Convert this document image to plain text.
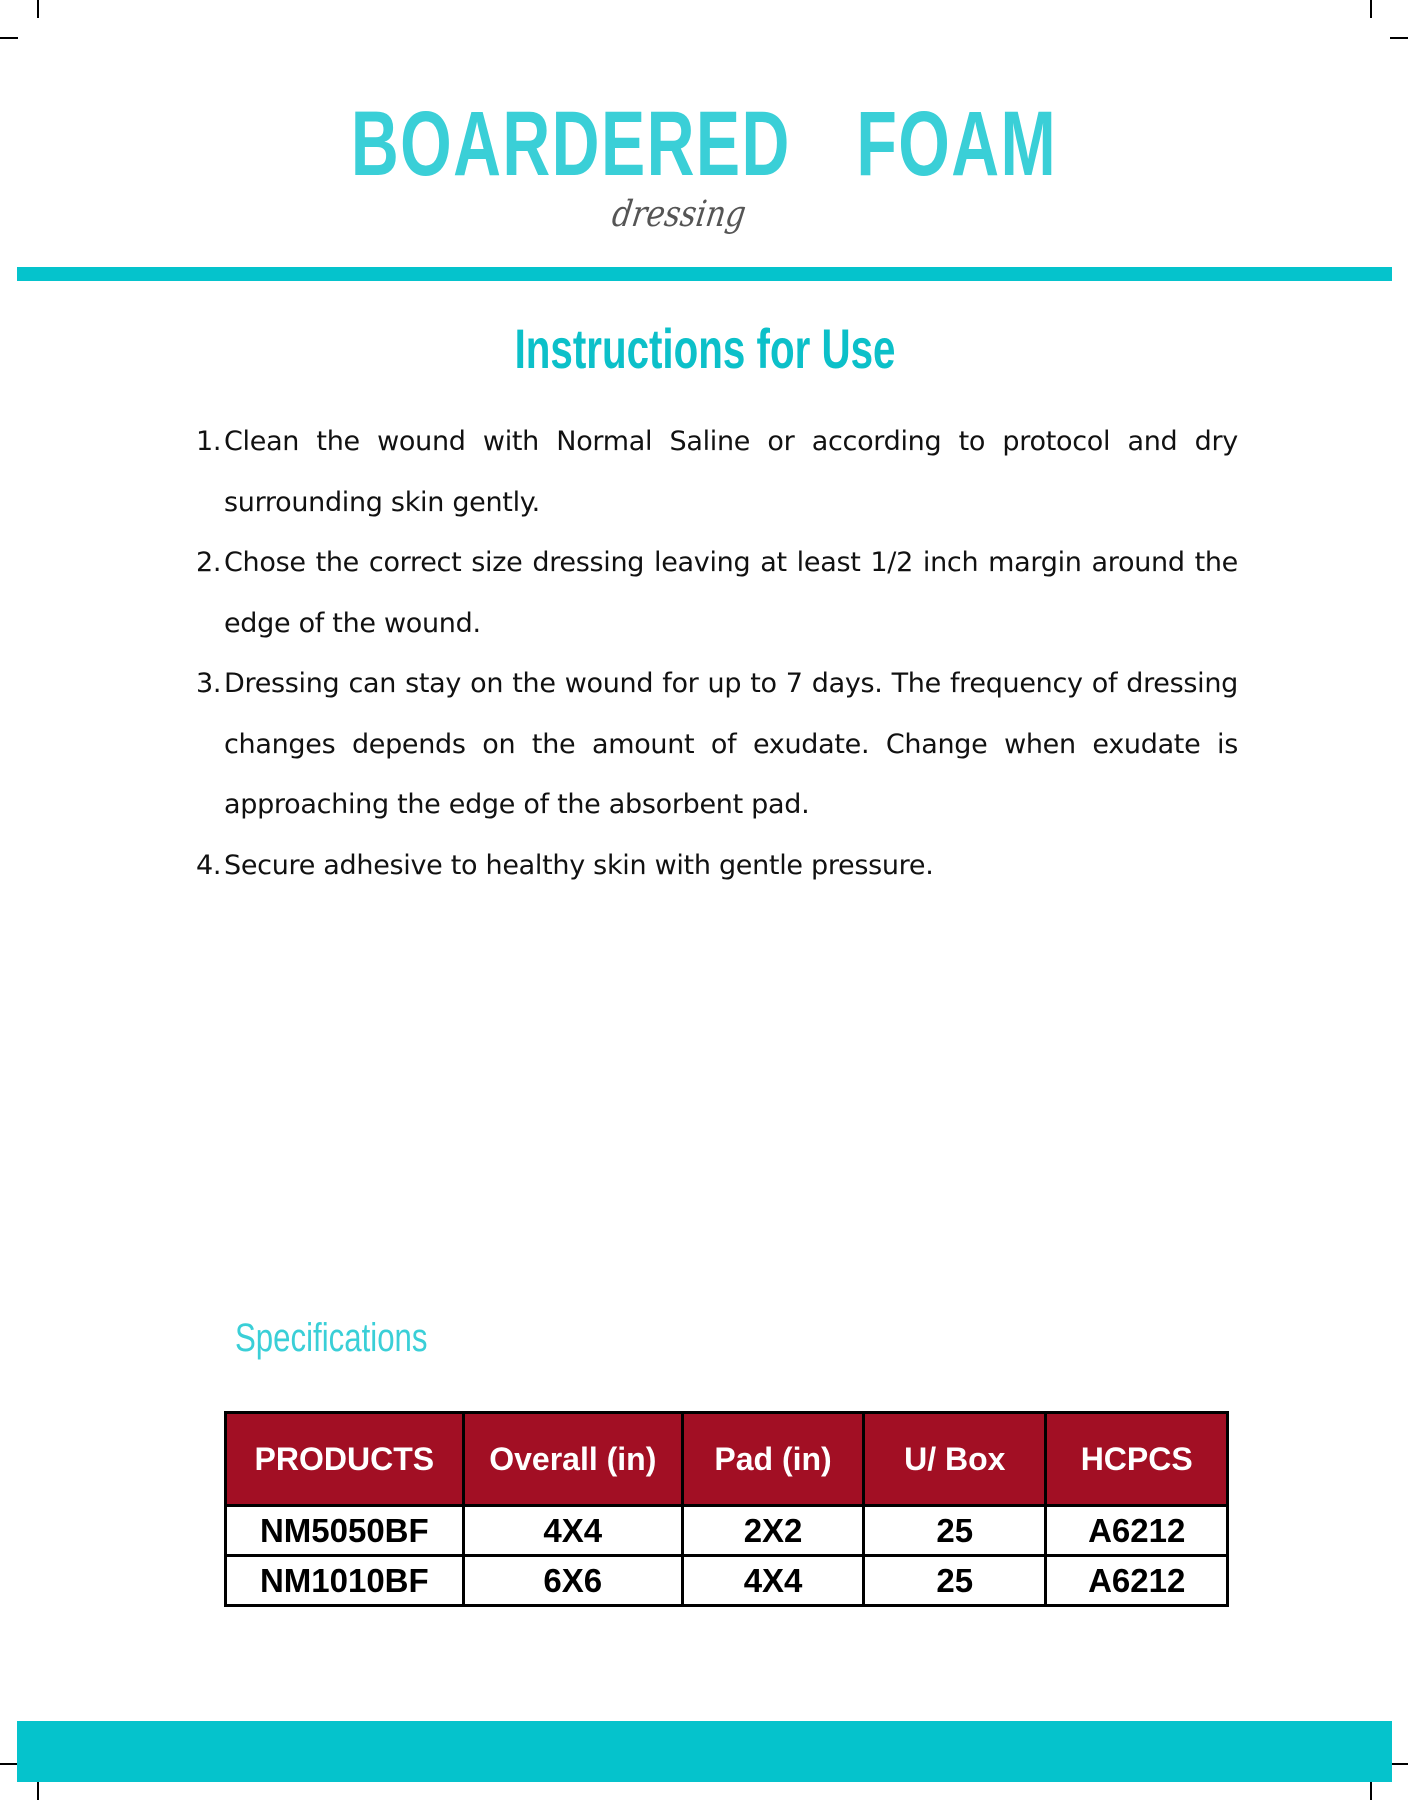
BOARDERED  FOAM
dressing
Instructions for Use
1. Clean the wound with Normal Saline or according to protocol and dry surrounding skin gently.
2. Chose the correct size dressing leaving at least 1/2 inch margin around the edge of the wound.
3. Dressing can stay on the wound for up to 7 days. The frequency of dressing changes depends on the amount of exudate. Change when exudate is approaching the edge of the absorbent pad.
4. Secure adhesive to healthy skin with gentle pressure.
Specifications
PRODUCTS	Overall (in)	Pad (in)	U/ Box	HCPCS
NM5050BF	4X4	2X2	25	A6212
NM1010BF	6X6	4X4	25	A6212
